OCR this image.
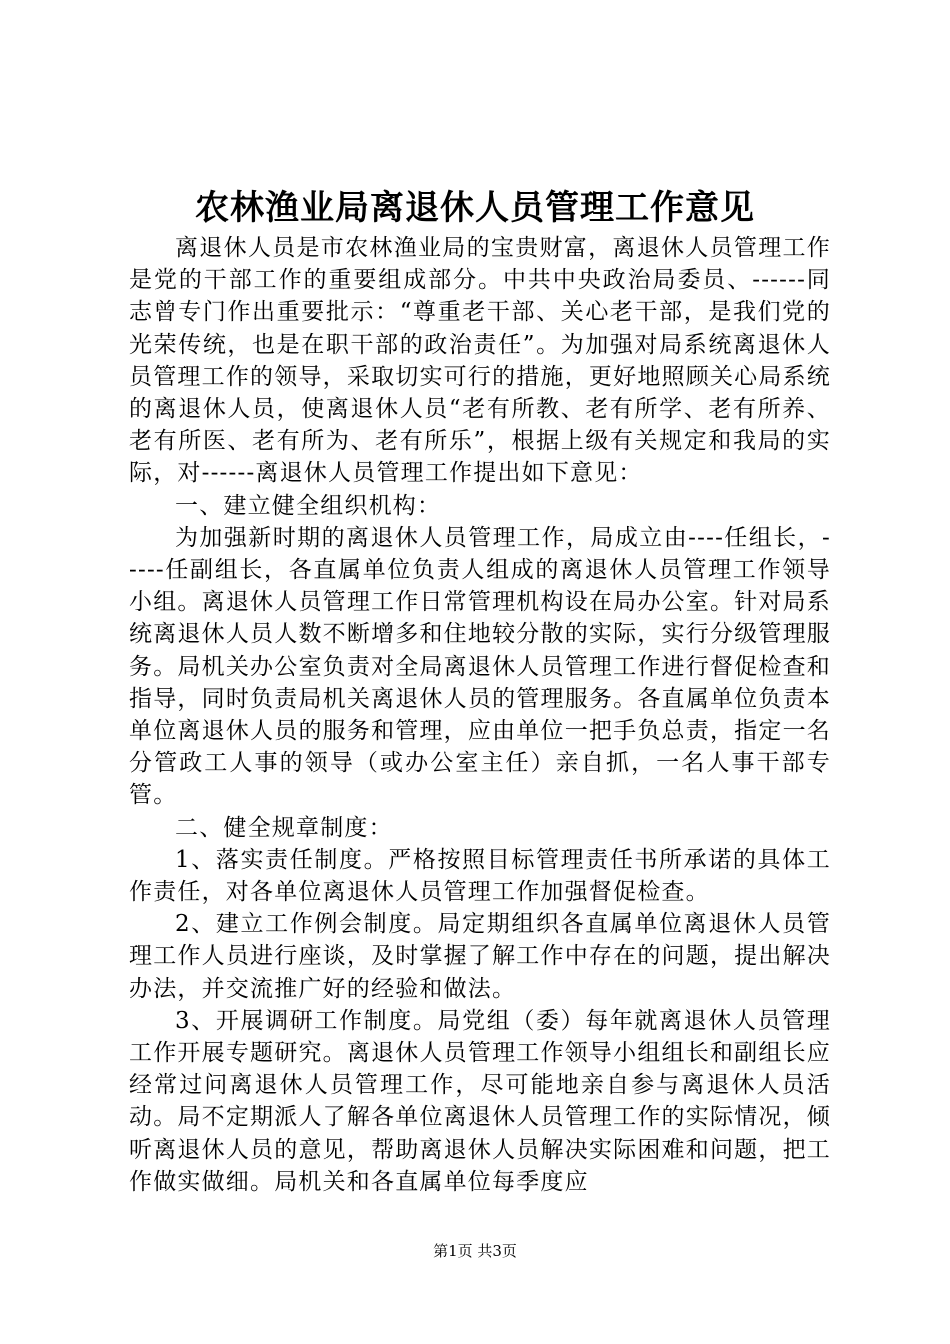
农林渔业局离退休人员管理工作意见

离退休人员是市农林渔业局的宝贵财富，离退休人员管理工作是党的干部工作的重要组成部分。中共中央政治局委员、------同志曾专门作出重要批示：“尊重老干部、关心老干部，是我们党的光荣传统，也是在职干部的政治责任”。为加强对局系统离退休人员管理工作的领导，采取切实可行的措施，更好地照顾关心局系统的离退休人员，使离退休人员“老有所教、老有所学、老有所养、老有所医、老有所为、老有所乐”，根据上级有关规定和我局的实际，对------离退休人员管理工作提出如下意见：

一、建立健全组织机构：

为加强新时期的离退休人员管理工作，局成立由----任组长，-----任副组长，各直属单位负责人组成的离退休人员管理工作领导小组。离退休人员管理工作日常管理机构设在局办公室。针对局系统离退休人员人数不断增多和住地较分散的实际，实行分级管理服务。局机关办公室负责对全局离退休人员管理工作进行督促检查和指导，同时负责局机关离退休人员的管理服务。各直属单位负责本单位离退休人员的服务和管理，应由单位一把手负总责，指定一名分管政工人事的领导（或办公室主任）亲自抓，一名人事干部专管。

二、健全规章制度：

1、落实责任制度。严格按照目标管理责任书所承诺的具体工作责任，对各单位离退休人员管理工作加强督促检查。

2、建立工作例会制度。局定期组织各直属单位离退休人员管理工作人员进行座谈，及时掌握了解工作中存在的问题，提出解决办法，并交流推广好的经验和做法。

3、开展调研工作制度。局党组（委）每年就离退休人员管理工作开展专题研究。离退休人员管理工作领导小组组长和副组长应经常过问离退休人员管理工作，尽可能地亲自参与离退休人员活动。局不定期派人了解各单位离退休人员管理工作的实际情况，倾听离退休人员的意见，帮助离退休人员解决实际困难和问题，把工作做实做细。局机关和各直属单位每季度应

第1页 共3页
